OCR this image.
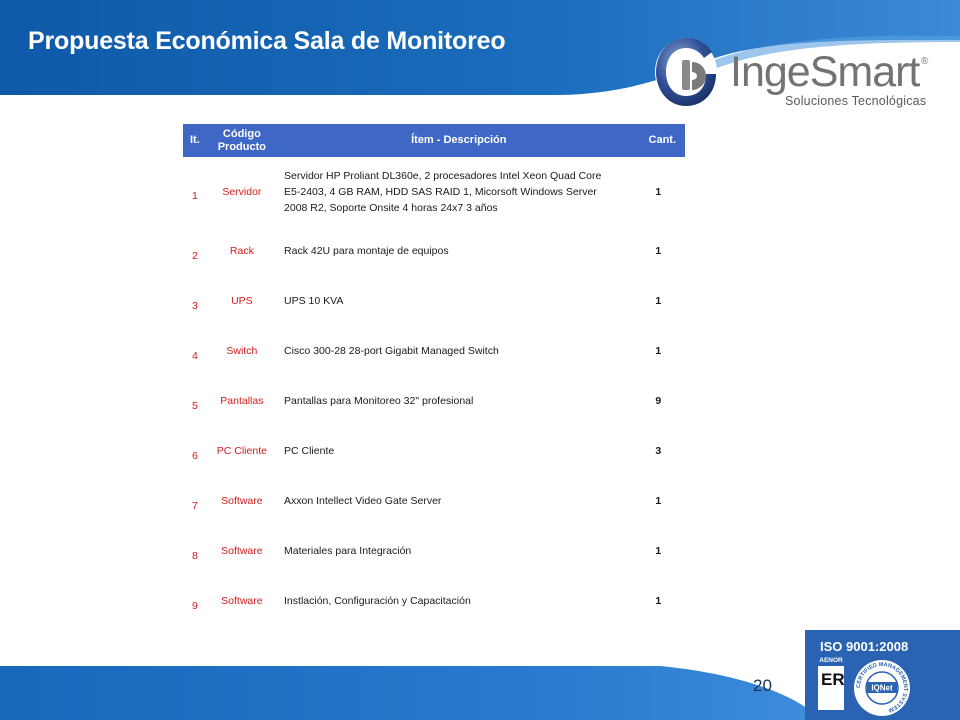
Propuesta Económica Sala de Monitoreo
IngeSmart ®
Soluciones Tecnológicas
It.	Código Producto	Ítem - Descripción	Cant.
1	Servidor	Servidor HP Proliant DL360e, 2 procesadores Intel Xeon Quad Core E5-2403, 4 GB RAM, HDD SAS RAID 1, Micorsoft Windows Server 2008 R2, Soporte Onsite 4 horas 24x7 3 años	1
2	Rack	Rack 42U para montaje de equipos	1
3	UPS	UPS 10 KVA	1
4	Switch	Cisco 300-28 28-port Gigabit Managed Switch	1
5	Pantallas	Pantallas para Monitoreo 32" profesional	9
6	PC Cliente	PC Cliente	3
7	Software	Axxon Intellect Video Gate Server	1
8	Software	Materiales para Integración	1
9	Software	Instlación, Configuración y Capacitación	1
20
ISO 9001:2008
AENOR
ER CERTIFIED MANAGEMENT SYSTEM
IQNet
